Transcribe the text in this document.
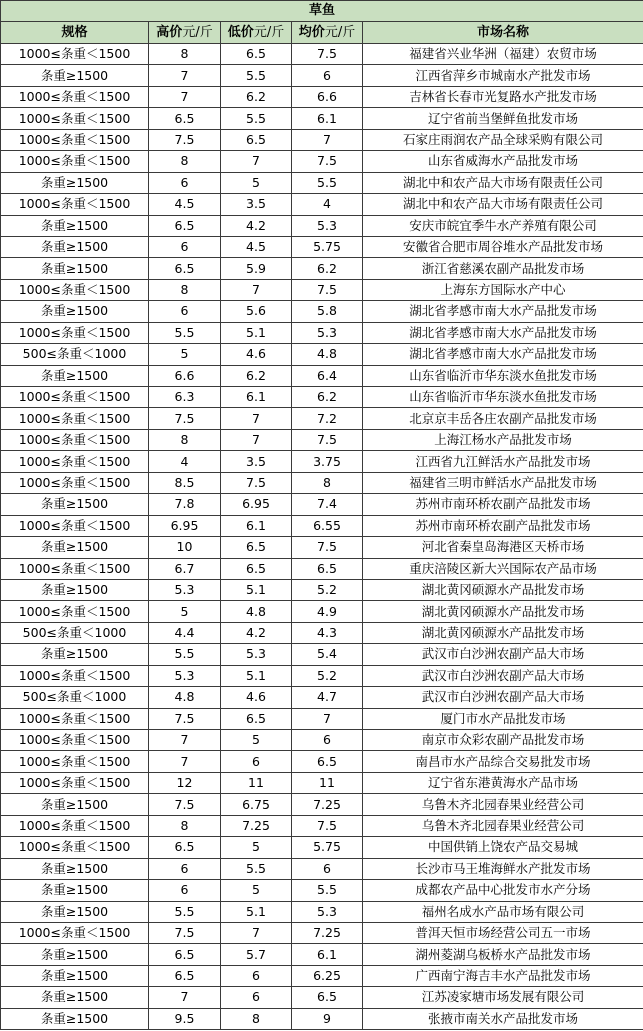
草鱼				
规格	高价元/斤	低价元/斤	均价元/斤	市场名称
1000≤条重＜1500	8	6.5	7.5	福建省兴业华洲（福建）农贸市场
条重≥1500	7	5.5	6	江西省萍乡市城南水产批发市场
1000≤条重＜1500	7	6.2	6.6	吉林省长春市光复路水产批发市场
1000≤条重＜1500	6.5	5.5	6.1	辽宁省前当堡鲜鱼批发市场
1000≤条重＜1500	7.5	6.5	7	石家庄雨润农产品全球采购有限公司
1000≤条重＜1500	8	7	7.5	山东省威海水产品批发市场
条重≥1500	6	5	5.5	湖北中和农产品大市场有限责任公司
1000≤条重＜1500	4.5	3.5	4	湖北中和农产品大市场有限责任公司
条重≥1500	6.5	4.2	5.3	安庆市皖宜季牛水产养殖有限公司
条重≥1500	6	4.5	5.75	安徽省合肥市周谷堆水产品批发市场
条重≥1500	6.5	5.9	6.2	浙江省慈溪农副产品批发市场
1000≤条重＜1500	8	7	7.5	上海东方国际水产中心
条重≥1500	6	5.6	5.8	湖北省孝感市南大水产品批发市场
1000≤条重＜1500	5.5	5.1	5.3	湖北省孝感市南大水产品批发市场
500≤条重＜1000	5	4.6	4.8	湖北省孝感市南大水产品批发市场
条重≥1500	6.6	6.2	6.4	山东省临沂市华东淡水鱼批发市场
1000≤条重＜1500	6.3	6.1	6.2	山东省临沂市华东淡水鱼批发市场
1000≤条重＜1500	7.5	7	7.2	北京京丰岳各庄农副产品批发市场
1000≤条重＜1500	8	7	7.5	上海江杨水产品批发市场
1000≤条重＜1500	4	3.5	3.75	江西省九江鲜活水产品批发市场
1000≤条重＜1500	8.5	7.5	8	福建省三明市鲜活水产品批发市场
条重≥1500	7.8	6.95	7.4	苏州市南环桥农副产品批发市场
1000≤条重＜1500	6.95	6.1	6.55	苏州市南环桥农副产品批发市场
条重≥1500	10	6.5	7.5	河北省秦皇岛海港区天桥市场
1000≤条重＜1500	6.7	6.5	6.5	重庆涪陵区新大兴国际农产品市场
条重≥1500	5.3	5.1	5.2	湖北黄冈硕源水产品批发市场
1000≤条重＜1500	5	4.8	4.9	湖北黄冈硕源水产品批发市场
500≤条重＜1000	4.4	4.2	4.3	湖北黄冈硕源水产品批发市场
条重≥1500	5.5	5.3	5.4	武汉市白沙洲农副产品大市场
1000≤条重＜1500	5.3	5.1	5.2	武汉市白沙洲农副产品大市场
500≤条重＜1000	4.8	4.6	4.7	武汉市白沙洲农副产品大市场
1000≤条重＜1500	7.5	6.5	7	厦门市水产品批发市场
1000≤条重＜1500	7	5	6	南京市众彩农副产品批发市场
1000≤条重＜1500	7	6	6.5	南昌市水产品综合交易批发市场
1000≤条重＜1500	12	11	11	辽宁省东港黄海水产品市场
条重≥1500	7.5	6.75	7.25	乌鲁木齐北园春果业经营公司
1000≤条重＜1500	8	7.25	7.5	乌鲁木齐北园春果业经营公司
1000≤条重＜1500	6.5	5	5.75	中国供销上饶农产品交易城
条重≥1500	6	5.5	6	长沙市马王堆海鲜水产批发市场
条重≥1500	6	5	5.5	成都农产品中心批发市水产分场
条重≥1500	5.5	5.1	5.3	福州名成水产品市场有限公司
1000≤条重＜1500	7.5	7	7.25	普洱天恒市场经营公司五一市场
条重≥1500	6.5	5.7	6.1	湖州菱湖乌板桥水产品批发市场
条重≥1500	6.5	6	6.25	广西南宁海吉丰水产品批发市场
条重≥1500	7	6	6.5	江苏凌家塘市场发展有限公司
条重≥1500	9.5	8	9	张掖市南关水产品批发市场
